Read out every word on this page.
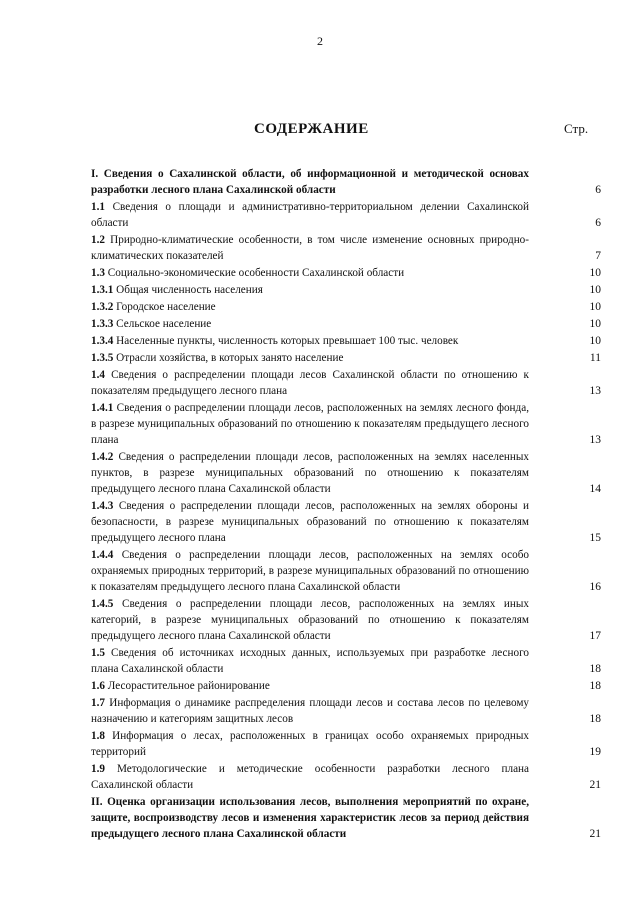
2
СОДЕРЖАНИЕ	Стр.
I. Сведения о Сахалинской области, об информационной и методической основах разработки лесного плана Сахалинской области	6
1.1 Сведения о площади и административно-территориальном делении Сахалинской области	6
1.2 Природно-климатические особенности, в том числе изменение основных природно-климатических показателей	7
1.3 Социально-экономические особенности Сахалинской области	10
1.3.1 Общая численность населения	10
1.3.2 Городское население	10
1.3.3 Сельское население	10
1.3.4 Населенные пункты, численность которых превышает 100 тыс. человек	10
1.3.5 Отрасли хозяйства, в которых занято население	11
1.4 Сведения о распределении площади лесов Сахалинской области по отношению к показателям предыдущего лесного плана	13
1.4.1 Сведения о распределении площади лесов, расположенных на землях лесного фонда, в разрезе муниципальных образований по отношению к показателям предыдущего лесного плана	13
1.4.2 Сведения о распределении площади лесов, расположенных на землях населенных пунктов, в разрезе муниципальных образований по отношению к показателям предыдущего лесного плана Сахалинской области	14
1.4.3 Сведения о распределении площади лесов, расположенных на землях обороны и безопасности, в разрезе муниципальных образований по отношению к показателям предыдущего лесного плана	15
1.4.4 Сведения о распределении площади лесов, расположенных на землях особо охраняемых природных территорий, в разрезе муниципальных образований по отношению к показателям предыдущего лесного плана Сахалинской области	16
1.4.5 Сведения о распределении площади лесов, расположенных на землях иных категорий, в разрезе муниципальных образований по отношению к показателям предыдущего лесного плана Сахалинской области	17
1.5 Сведения об источниках исходных данных, используемых при разработке лесного плана Сахалинской области	18
1.6 Лесорастительное районирование	18
1.7 Информация о динамике распределения площади лесов и состава лесов по целевому назначению и категориям защитных лесов	18
1.8 Информация о лесах, расположенных в границах особо охраняемых природных территорий	19
1.9 Методологические и методические особенности разработки лесного плана Сахалинской области	21
II. Оценка организации использования лесов, выполнения мероприятий по охране, защите, воспроизводству лесов и изменения характеристик лесов за период действия предыдущего лесного плана Сахалинской области	21
